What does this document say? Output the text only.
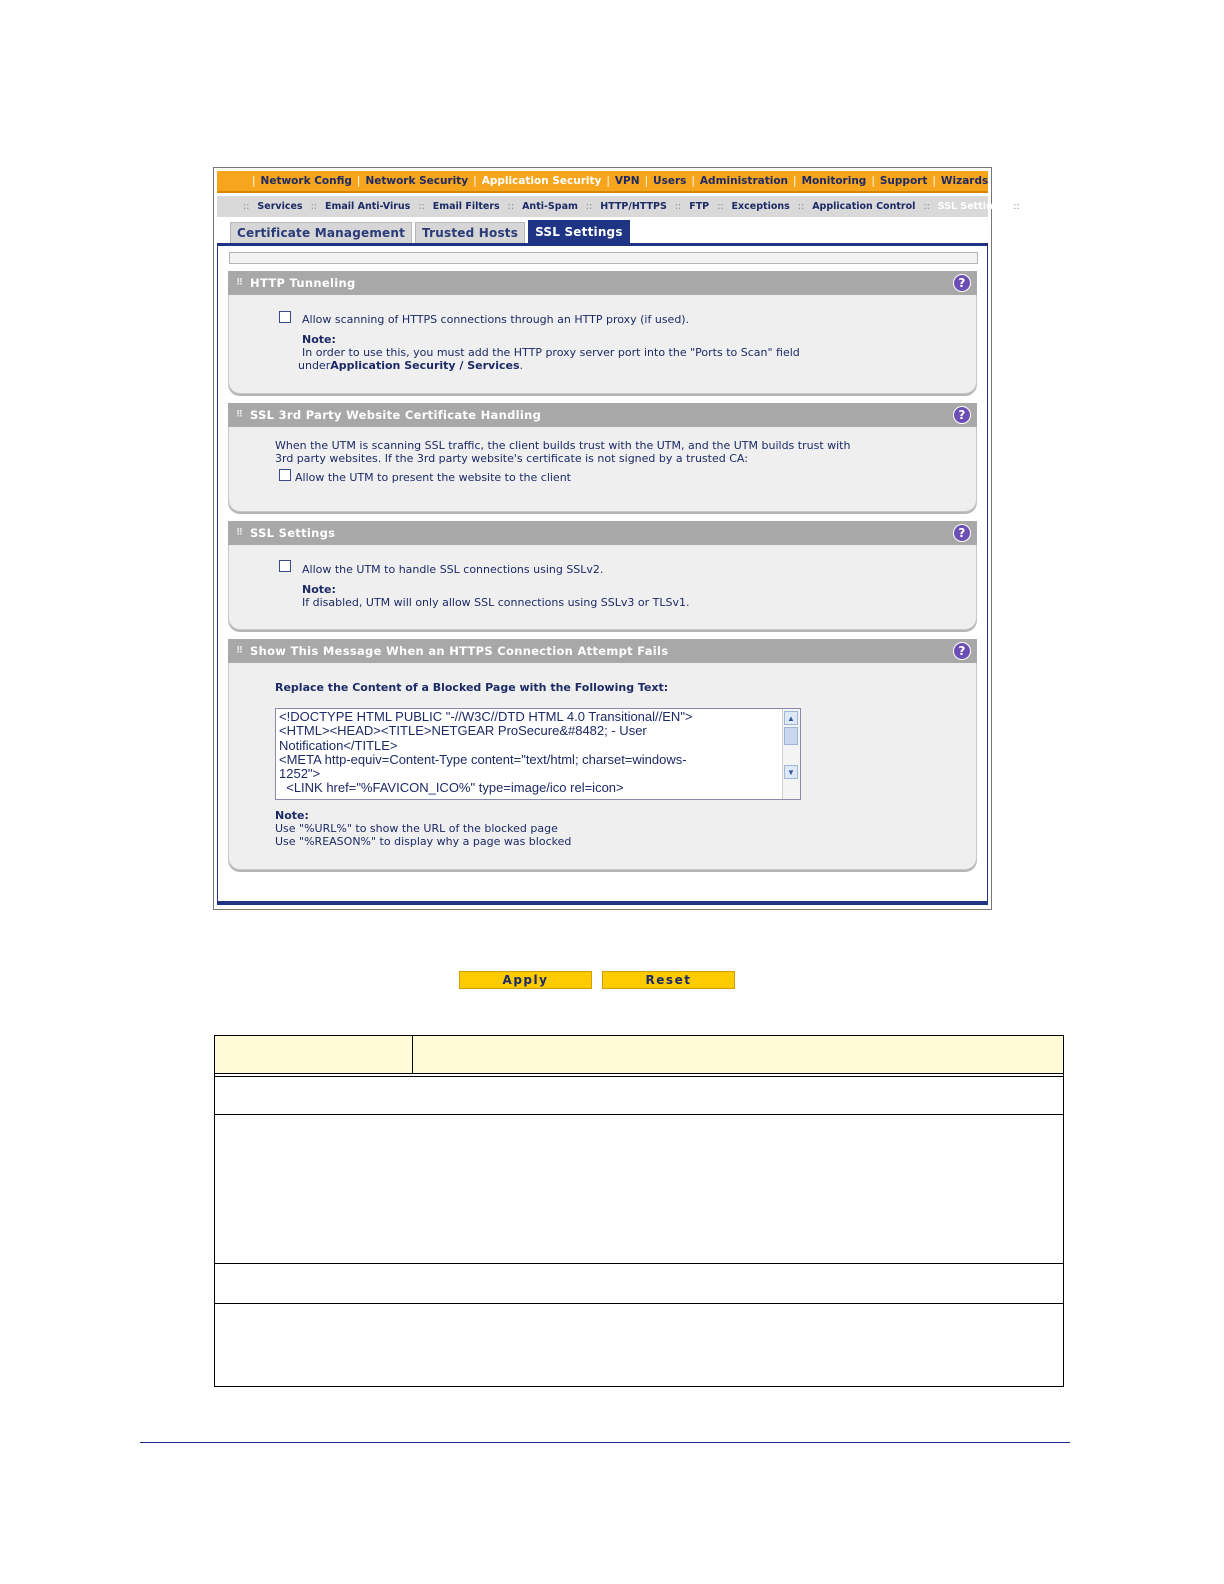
| Network Config | Network Security | Application Security | VPN | Users | Administration | Monitoring | Support | Wizards |
:: Services :: Email Anti-Virus :: Email Filters :: Anti-Spam :: HTTP/HTTPS :: FTP :: Exceptions :: Application Control :: SSL Settings ::
Certificate Management	Trusted Hosts	SSL Settings
⠿ HTTP Tunneling	?
Allow scanning of HTTPS connections through an HTTP proxy (if used).
Note:
In order to use this, you must add the HTTP proxy server port into the "Ports to Scan" field
underApplication Security / Services.
⠿ SSL 3rd Party Website Certificate Handling	?
When the UTM is scanning SSL traffic, the client builds trust with the UTM, and the UTM builds trust with
3rd party websites. If the 3rd party website's certificate is not signed by a trusted CA:
Allow the UTM to present the website to the client
⠿ SSL Settings	?
Allow the UTM to handle SSL connections using SSLv2.
Note:
If disabled, UTM will only allow SSL connections using SSLv3 or TLSv1.
⠿ Show This Message When an HTTPS Connection Attempt Fails	?
Replace the Content of a Blocked Page with the Following Text:
<!DOCTYPE HTML PUBLIC "-//W3C//DTD HTML 4.0 Transitional//EN">
<HTML><HEAD><TITLE>NETGEAR ProSecure&#8482; - User
Notification</TITLE>
<META http-equiv=Content-Type content="text/html; charset=windows-
1252">
<LINK href="%FAVICON_ICO%" type=image/ico rel=icon>
▲
▼
Note:
Use "%URL%" to show the URL of the blocked page
Use "%REASON%" to display why a page was blocked
Apply	Reset
